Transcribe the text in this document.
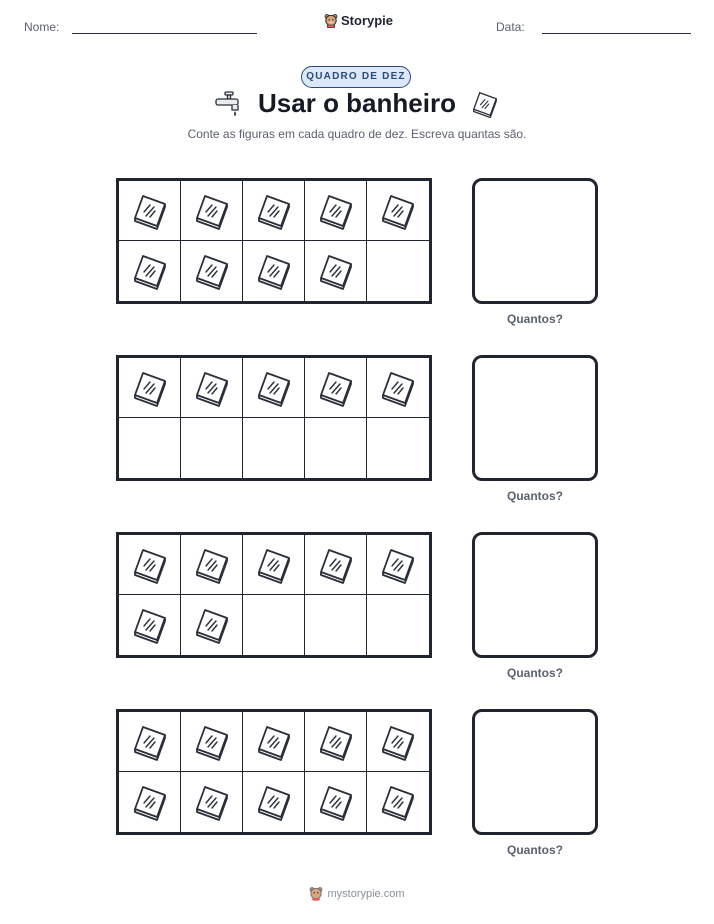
Nome:	Storypie	Data:
QUADRO DE DEZ
Usar o banheiro
Conte as figuras em cada quadro de dez. Escreva quantas são.
Quantos?
Quantos?
Quantos?
Quantos?
mystorypie.com
